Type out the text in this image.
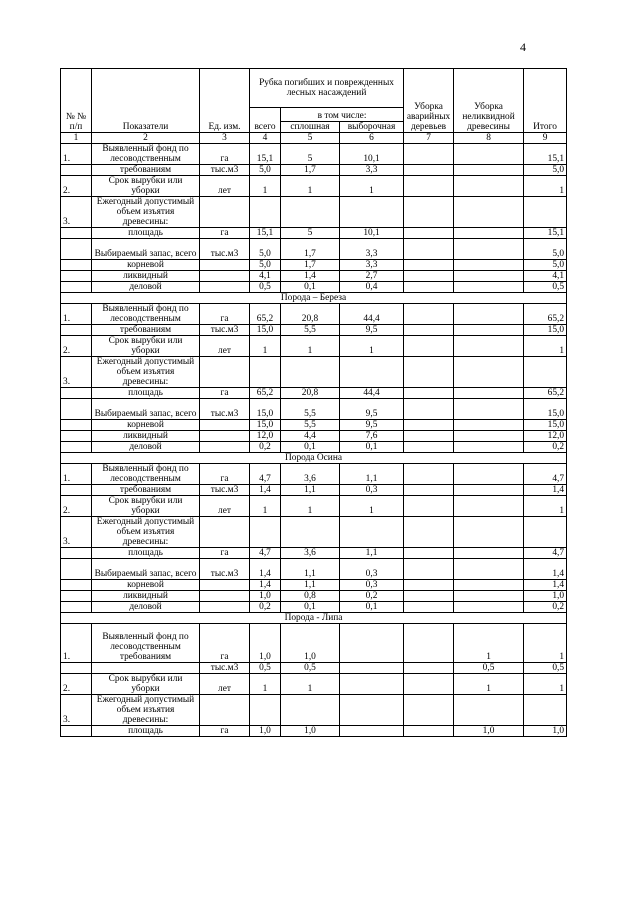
4
№ № п/п	Показатели	Ед. изм.	Рубка погибших и поврежденных лесных насаждений			Уборка аварийных деревьев	Уборка неликвидной древесины	Итого
			всего	в том числе:				
				сплошная	выборочная			
1	2	3	4	5	6	7	8	9
1.	Выявленный фонд по лесоводственным	га	15,1	5	10,1			15,1
	требованиям	тыс.м3	5,0	1,7	3,3			5,0
2.	Срок вырубки или уборки	лет	1	1	1			1
3.	Ежегодный допустимый объем изъятия древесины:							
	площадь	га	15,1	5	10,1			15,1
	Выбираемый запас, всего	тыс.м3	5,0	1,7	3,3			5,0
	корневой		5,0	1,7	3,3			5,0
	ликвидный		4,1	1,4	2,7			4,1
	деловой		0,5	0,1	0,4			0,5
Порода – Береза								
1.	Выявленный фонд по лесоводственным	га	65,2	20,8	44,4			65,2
	требованиям	тыс.м3	15,0	5,5	9,5			15,0
2.	Срок вырубки или уборки	лет	1	1	1			1
3.	Ежегодный допустимый объем изъятия древесины:							
	площадь	га	65,2	20,8	44,4			65,2
	Выбираемый запас, всего	тыс.м3	15,0	5,5	9,5			15,0
	корневой		15,0	5,5	9,5			15,0
	ликвидный		12,0	4,4	7,6			12,0
	деловой		0,2	0,1	0,1			0,2
Порода Осина								
1.	Выявленный фонд по лесоводственным	га	4,7	3,6	1,1			4,7
	требованиям	тыс.м3	1,4	1,1	0,3			1,4
2.	Срок вырубки или уборки	лет	1	1	1			1
3.	Ежегодный допустимый объем изъятия древесины:							
	площадь	га	4,7	3,6	1,1			4,7
	Выбираемый запас, всего	тыс.м3	1,4	1,1	0,3			1,4
	корневой		1,4	1,1	0,3			1,4
	ликвидный		1,0	0,8	0,2			1,0
	деловой		0,2	0,1	0,1			0,2
Порода - Липа								
1.	Выявленный фонд по лесоводственным требованиям	га	1,0	1,0			1	1
		тыс.м3	0,5	0,5			0,5	0,5
2.	Срок вырубки или уборки	лет	1	1			1	1
3.	Ежегодный допустимый объем изъятия древесины:							
	площадь	га	1,0	1,0			1,0	1,0
